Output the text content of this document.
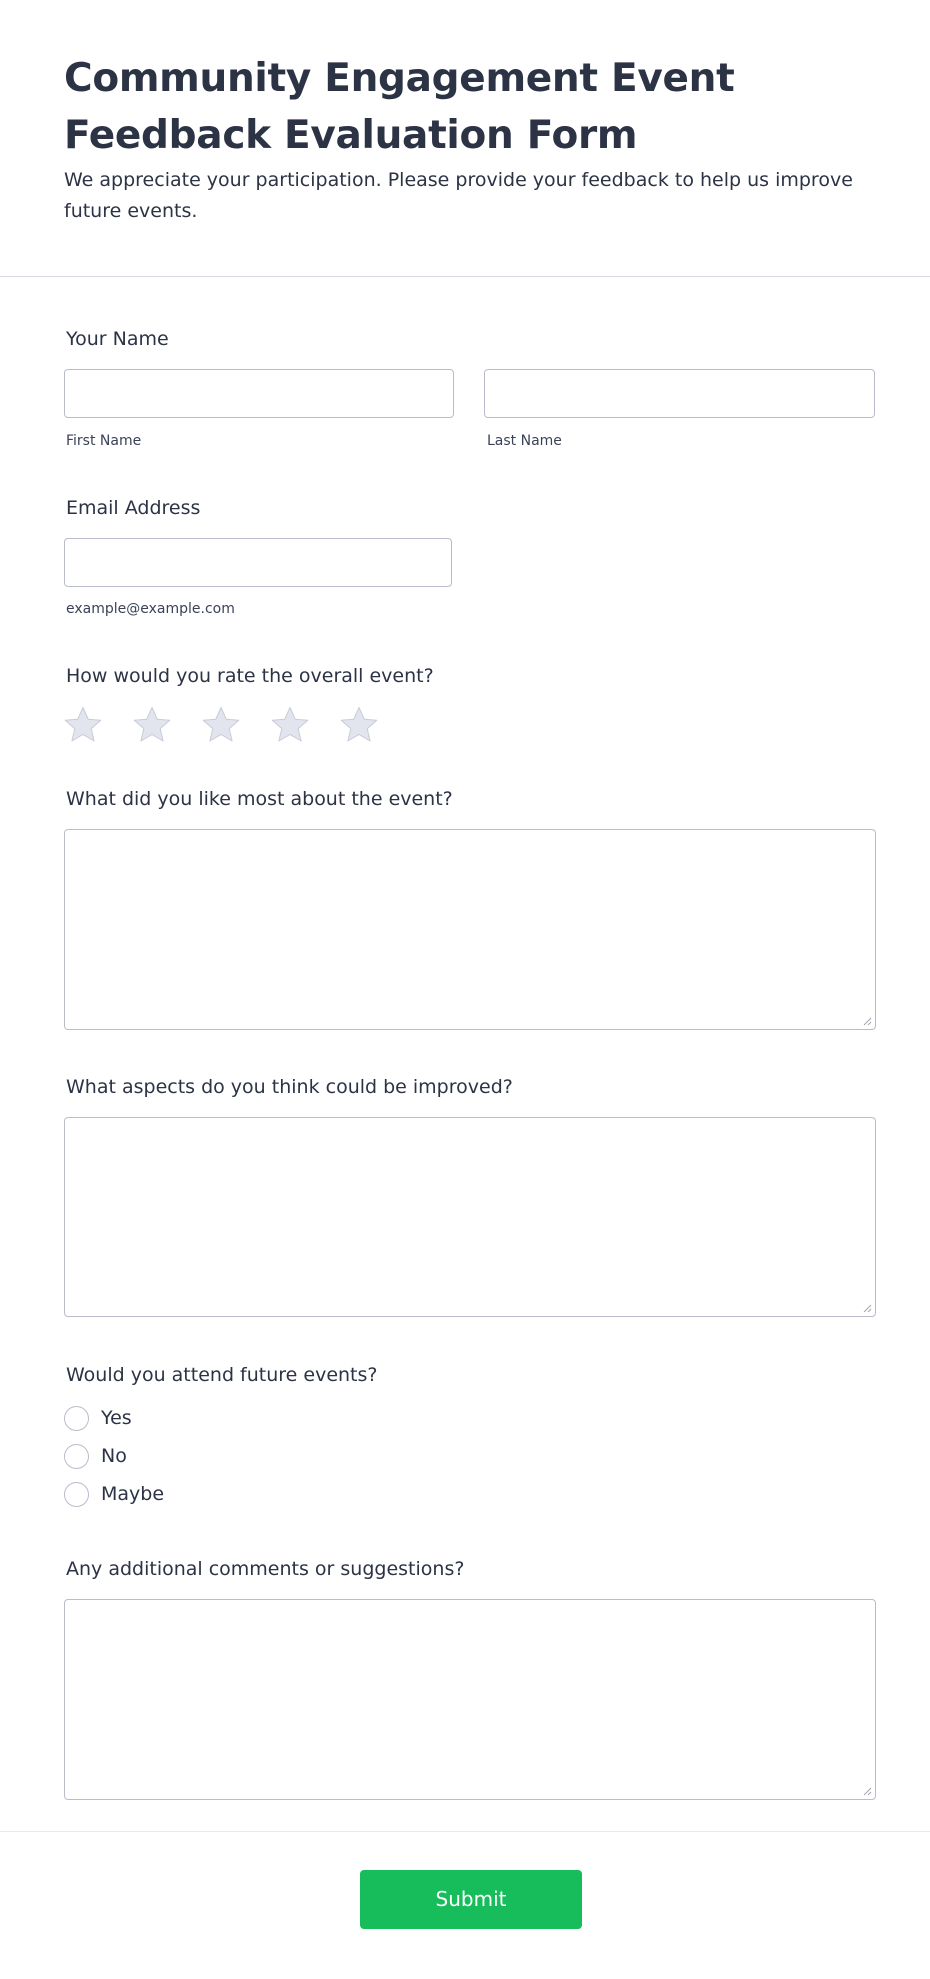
Community Engagement Event Feedback Evaluation Form
We appreciate your participation. Please provide your feedback to help us improve future events.
Your Name
First Name	Last Name
Email Address
example@example.com
How would you rate the overall event?
What did you like most about the event?
What aspects do you think could be improved?
Would you attend future events?
Yes
No
Maybe
Any additional comments or suggestions?
Submit
